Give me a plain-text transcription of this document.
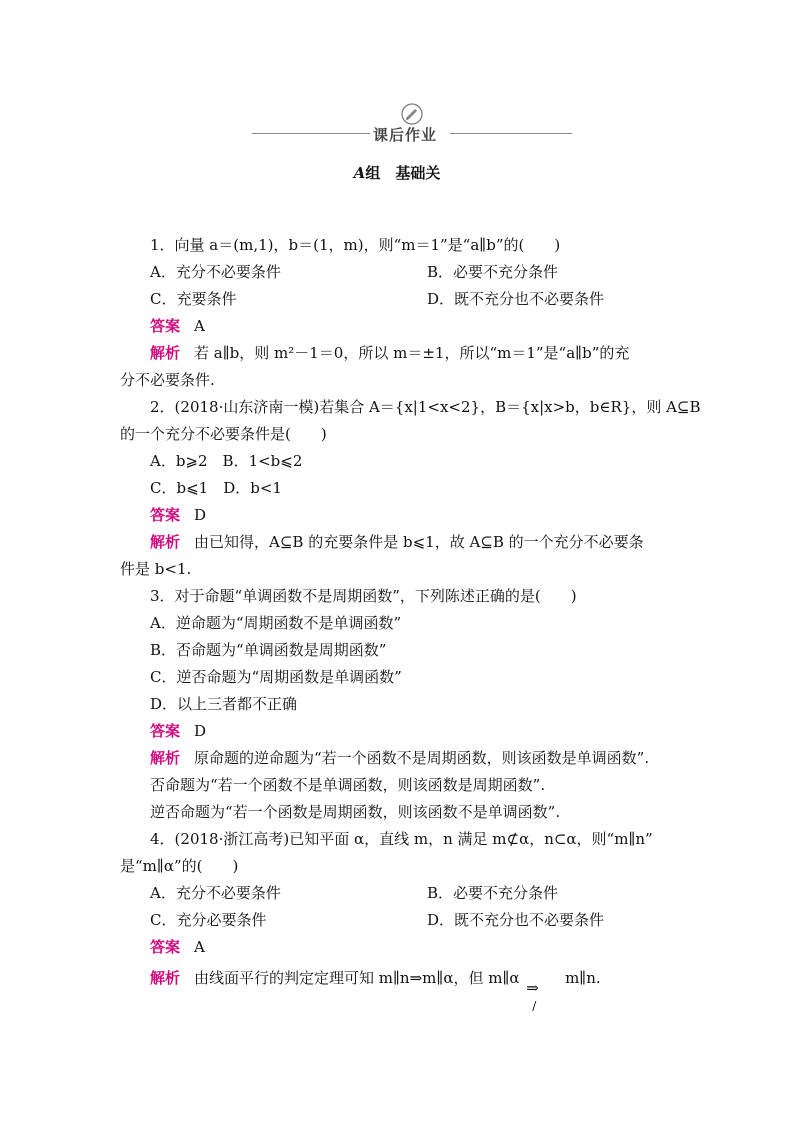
课后作业
A组　基础关
1．向量 a＝(m,1)，b＝(1，m)，则“m＝1”是“a∥b”的(　　)
A．充分不必要条件	B．必要不充分条件
C．充要条件	D．既不充分也不必要条件
答案 A
解析 若 a∥b，则 m²－1＝0，所以 m＝±1，所以“m＝1”是“a∥b”的充
分不必要条件.
2．(2018·山东济南一模)若集合 A＝{x|1<x<2}，B＝{x|x>b，b∈R}，则 A⊆B
的一个充分不必要条件是(　　)
A．b⩾2　B．1<b⩽2
C．b⩽1　D．b<1
答案 D
解析 由已知得，A⊆B 的充要条件是 b⩽1，故 A⊆B 的一个充分不必要条
件是 b<1.
3．对于命题“单调函数不是周期函数”，下列陈述正确的是(　　)
A．逆命题为“周期函数不是单调函数”
B．否命题为“单调函数是周期函数”
C．逆否命题为“周期函数是单调函数”
D．以上三者都不正确
答案 D
解析 原命题的逆命题为“若一个函数不是周期函数，则该函数是单调函数”.
否命题为“若一个函数不是单调函数，则该函数是周期函数”.
逆否命题为“若一个函数是周期函数，则该函数不是单调函数”.
4．(2018·浙江高考)已知平面 α，直线 m，n 满足 m⊄α，n⊂α，则“m∥n”
是“m∥α”的(　　)
A．充分不必要条件	B．必要不充分条件
C．充分必要条件	D．既不充分也不必要条件
答案 A
解析 由线面平行的判定定理可知 m∥n⇒m∥α，但 m∥α
⇒
/
m∥n.
